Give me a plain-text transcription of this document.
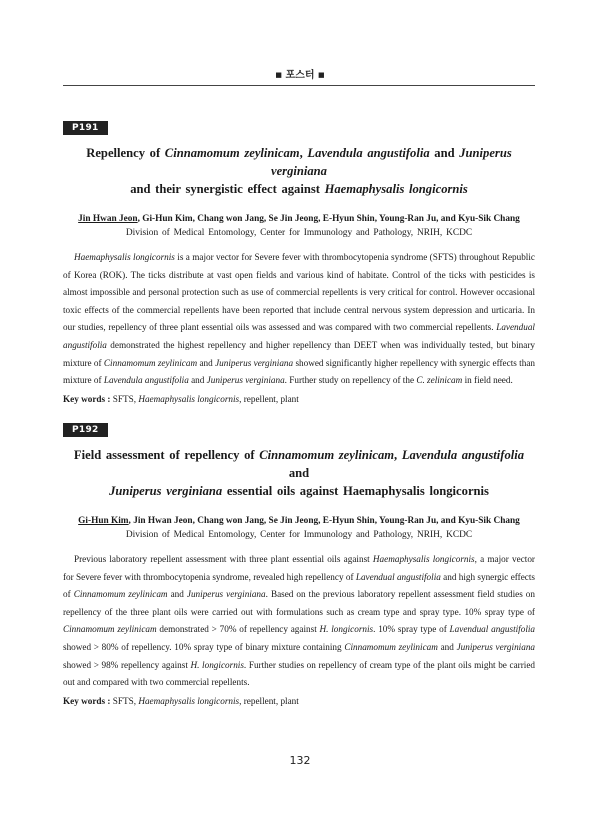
■ 포스터 ■
P191
Repellency of Cinnamomum zeylinicam, Lavendula angustifolia and Juniperus verginiana
and their synergistic effect against Haemaphysalis longicornis
Jin Hwan Jeon, Gi-Hun Kim, Chang won Jang, Se Jin Jeong, E-Hyun Shin, Young-Ran Ju, and Kyu-Sik Chang
Division of Medical Entomology, Center for Immunology and Pathology, NRIH, KCDC
Haemaphysalis longicornis is a major vector for Severe fever with thrombocytopenia syndrome (SFTS) throughout Republic of Korea (ROK). The ticks distribute at vast open fields and various kind of habitate. Control of the ticks with pesticides is almost impossible and personal protection such as use of commercial repellents is very critical for control. However occasional toxic effects of the commercial repellents have been reported that include central nervous system depression and urticaria. In our studies, repellency of three plant essential oils was assessed and was compared with two commercial repellents. Lavendual angustifolia demonstrated the highest repellency and higher repellency than DEET when was individually tested, but binary mixture of Cinnamomum zeylinicam and Juniperus verginiana showed significantly higher repellency with synergic effects than mixture of Lavendula angustifolia and Juniperus verginiana. Further study on repellency of the C. zelinicam in field need.
Key words : SFTS, Haemaphysalis longicornis, repellent, plant
P192
Field assessment of repellency of Cinnamomum zeylinicam, Lavendula angustifolia and
Juniperus verginiana essential oils against Haemaphysalis longicornis
Gi-Hun Kim, Jin Hwan Jeon, Chang won Jang, Se Jin Jeong, E-Hyun Shin, Young-Ran Ju, and Kyu-Sik Chang
Division of Medical Entomology, Center for Immunology and Pathology, NRIH, KCDC
Previous laboratory repellent assessment with three plant essential oils against Haemaphysalis longicornis, a major vector for Severe fever with thrombocytopenia syndrome, revealed high repellency of Lavendual angustifolia and high synergic effects of Cinnamomum zeylinicam and Juniperus verginiana. Based on the previous laboratory repellent assessment field studies on repellency of the three plant oils were carried out with formulations such as cream type and spray type. 10% spray type of Cinnamomum zeylinicam demonstrated > 70% of repellency against H. longicornis. 10% spray type of Lavendual angustifolia showed > 80% of repellency. 10% spray type of binary mixture containing Cinnamomum zeylinicam and Juniperus verginiana showed > 98% repellency against H. longicornis. Further studies on repellency of cream type of the plant oils might be carried out and compared with two commercial repellents.
Key words : SFTS, Haemaphysalis longicornis, repellent, plant
132
